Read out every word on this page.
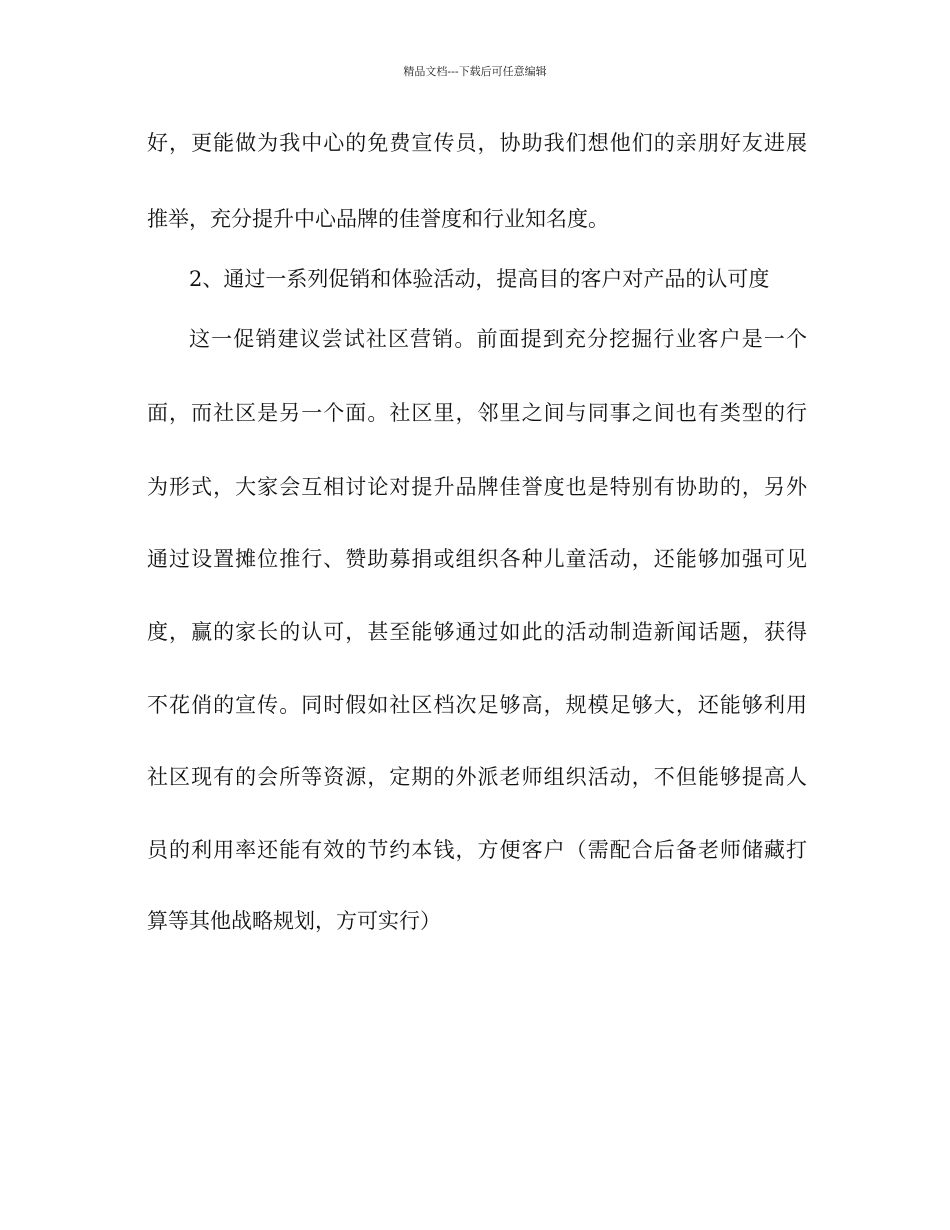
精品文档---下载后可任意编辑
好，更能做为我中心的免费宣传员，协助我们想他们的亲朋好友进展
推举，充分提升中心品牌的佳誉度和行业知名度。
2、通过一系列促销和体验活动，提高目的客户对产品的认可度
这一促销建议尝试社区营销。前面提到充分挖掘行业客户是一个
面，而社区是另一个面。社区里，邻里之间与同事之间也有类型的行
为形式，大家会互相讨论对提升品牌佳誉度也是特别有协助的，另外
通过设置摊位推行、赞助募捐或组织各种儿童活动，还能够加强可见
度，赢的家长的认可，甚至能够通过如此的活动制造新闻话题，获得
不花俏的宣传。同时假如社区档次足够高，规模足够大，还能够利用
社区现有的会所等资源，定期的外派老师组织活动，不但能够提高人
员的利用率还能有效的节约本钱，方便客户（需配合后备老师储藏打
算等其他战略规划，方可实行）
